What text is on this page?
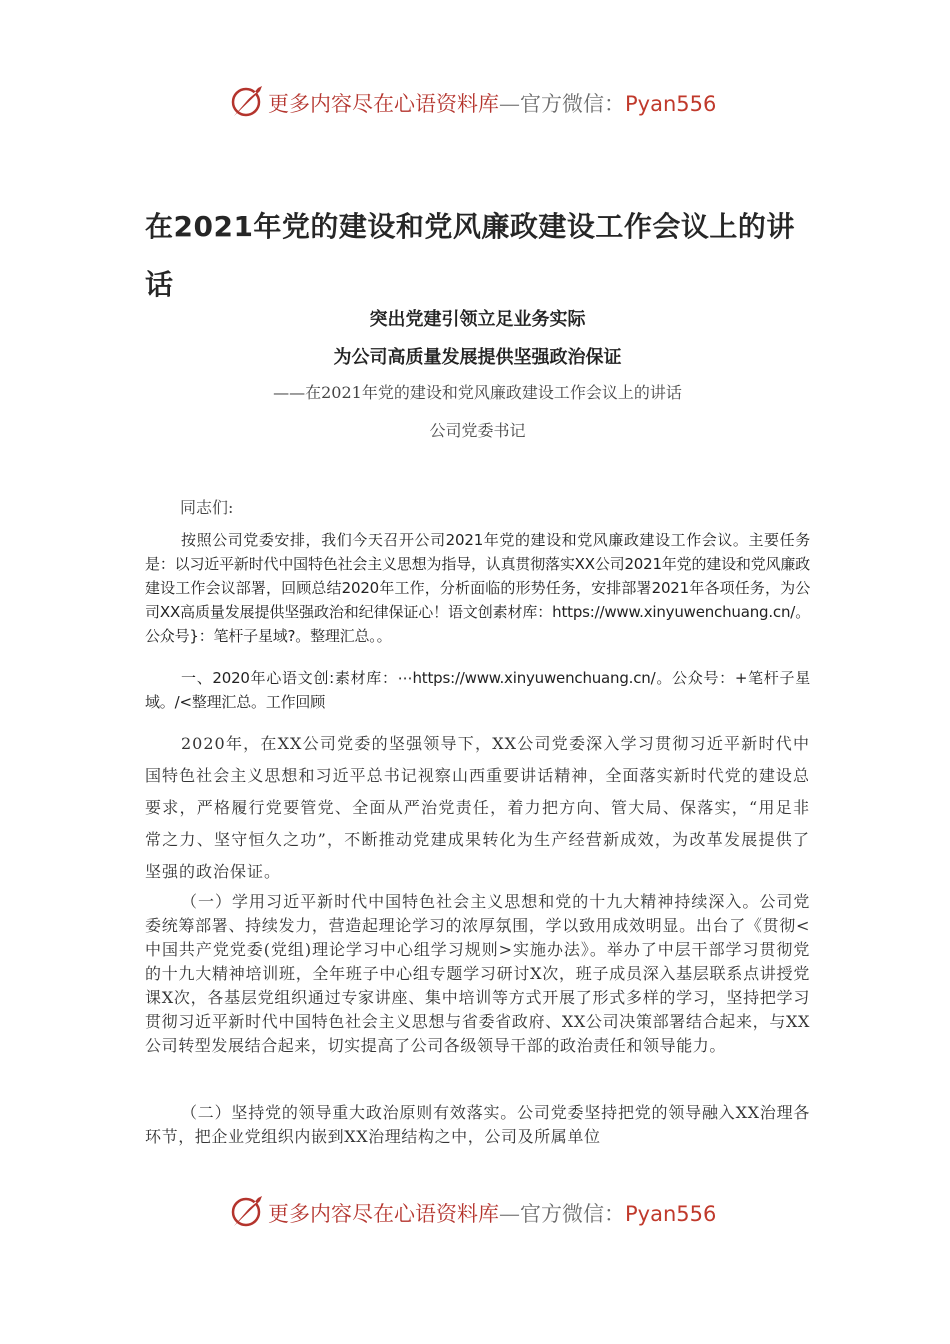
更多内容尽在心语资料库—官方微信：Pyan556
在2021年党的建设和党风廉政建设工作会议上的讲话
突出党建引领立足业务实际
为公司高质量发展提供坚强政治保证
——在2021年党的建设和党风廉政建设工作会议上的讲话
公司党委书记
同志们:

按照公司党委安排，我们今天召开公司2021年党的建设和党风廉政建设工作会议。主要任务是：以习近平新时代中国特色社会主义思想为指导，认真贯彻落实XX公司2021年党的建设和党风廉政建设工作会议部署，回顾总结2020年工作，分析面临的形势任务，安排部署2021年各项任务，为公司XX高质量发展提供坚强政治和纪律保证心！语文创素材库：https://www.xinyuwenchuang.cn/。公众号}：笔杆子星域?。整理汇总。。

一、2020年心语文创:素材库：⋯https://www.xinyuwenchuang.cn/。公众号：+笔杆子星域。/<整理汇总。工作回顾

2020年，在XX公司党委的坚强领导下，XX公司党委深入学习贯彻习近平新时代中国特色社会主义思想和习近平总书记视察山西重要讲话精神，全面落实新时代党的建设总要求，严格履行党要管党、全面从严治党责任，着力把方向、管大局、保落实，“用足非常之力、坚守恒久之功”，不断推动党建成果转化为生产经营新成效，为改革发展提供了坚强的政治保证。

（一）学用习近平新时代中国特色社会主义思想和党的十九大精神持续深入。公司党委统筹部署、持续发力，营造起理论学习的浓厚氛围，学以致用成效明显。出台了《贯彻<中国共产党党委(党组)理论学习中心组学习规则>实施办法》。举办了中层干部学习贯彻党的十九大精神培训班，全年班子中心组专题学习研讨X次，班子成员深入基层联系点讲授党课X次，各基层党组织通过专家讲座、集中培训等方式开展了形式多样的学习，坚持把学习贯彻习近平新时代中国特色社会主义思想与省委省政府、XX公司决策部署结合起来，与XX公司转型发展结合起来，切实提高了公司各级领导干部的政治责任和领导能力。

（二）坚持党的领导重大政治原则有效落实。公司党委坚持把党的领导融入XX治理各环节，把企业党组织内嵌到XX治理结构之中，公司及所属单位

更多内容尽在心语资料库—官方微信：Pyan556
